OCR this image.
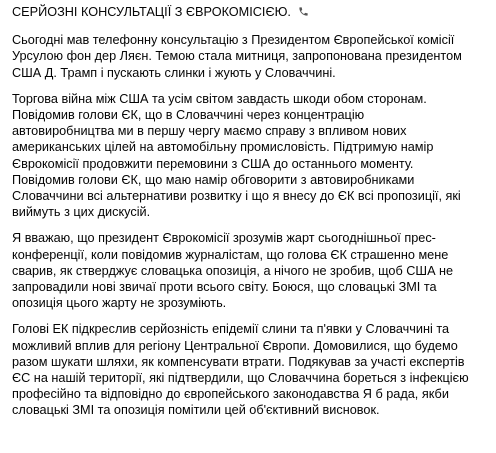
СЕРЙОЗНІ КОНСУЛЬТАЦІЇ З ЄВРОКОМІСІЄЮ.
Сьогодні мав телефонну консультацію з Президентом Європейської комісії
Урсулою фон дер Ляєн. Темою стала митниця, запропонована президентом
США Д. Трамп і пускають слинки і жують у Словаччині.
Торгова війна між США та усім світом завдасть шкоди обом сторонам.
Повідомив голови ЄК, що в Словаччині через концентрацію
автовиробництва ми в першу чергу маємо справу з впливом нових
американських цілей на автомобільну промисловість. Підтримую намір
Єврокомісії продовжити перемовини з США до останнього моменту.
Повідомив голови ЄК, що маю намір обговорити з автовиробниками
Словаччини всі альтернативи розвитку і що я внесу до ЄК всі пропозиції, які
виймуть з цих дискусій.
Я вважаю, що президент Єврокомісії зрозумів жарт сьогоднішньої прес-
конференції, коли повідомив журналістам, що голова ЄК страшенно мене
сварив, як стверджує словацька опозиція, а нічого не зробив, щоб США не
запровадили нові звичаї проти всього світу. Боюся, що словацькі ЗМІ та
опозиція цього жарту не зрозуміють.
Голові ЕК підкреслив серйозність епідемії слини та п'явки у Словаччині та
можливий вплив для регіону Центральної Європи. Домовилися, що будемо
разом шукати шляхи, як компенсувати втрати. Подякував за участі експертів
ЄС на нашій території, які підтвердили, що Словаччина бореться з інфекцією
професійно та відповідно до європейського законодавства Я б рада, якби
словацькі ЗМІ та опозиція помітили цей об'єктивний висновок.
